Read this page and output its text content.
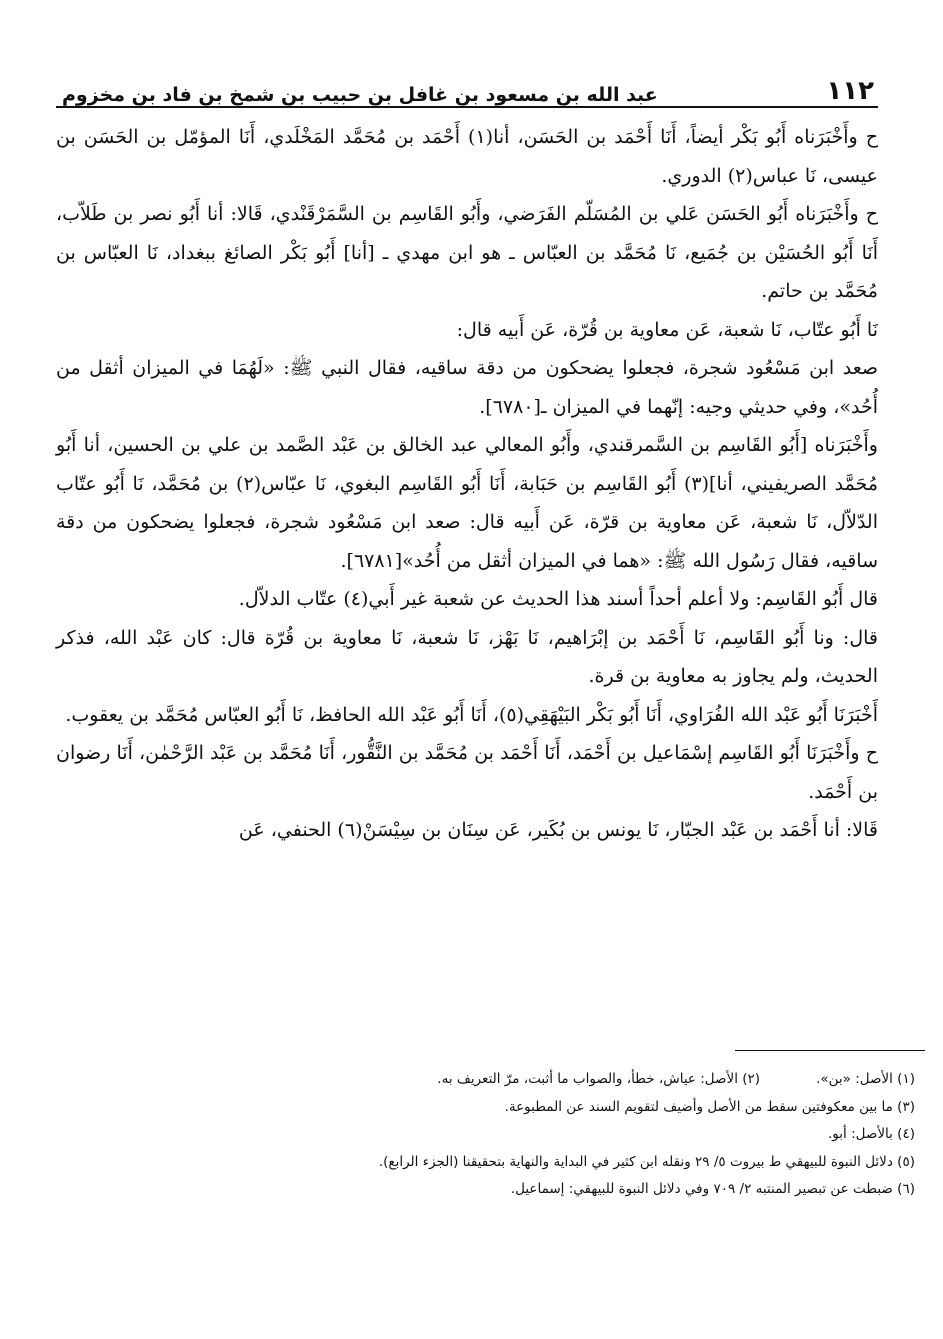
١١٢
عبد الله بن مسعود بن غافل بن حبيب بن شمخ بن فاد بن مخزوم

ح وأَخْبَرَناه أَبُو بَكْر أيضاً، أَنَا أَحْمَد بن الحَسَن، أنا(١) أَحْمَد بن مُحَمَّد المَخْلَدي، أَنَا المؤمّل بن الحَسَن بن عيسى، نَا عباس(٢) الدوري.

ح وأَخْبَرَناه أَبُو الحَسَن عَلي بن المُسَلّم الفَرَضي، وأَبُو القَاسِم بن السَّمَرْقَنْدي، قَالا: أنا أَبُو نصر بن طَلاّب، أَنَا أَبُو الحُسَيْن بن جُمَيع، نَا مُحَمَّد بن العبّاس ـ هو ابن مهدي ـ [أنا] أَبُو بَكْر الصائغ ببغداد، نَا العبّاس بن مُحَمَّد بن حاتم.

نَا أَبُو عتّاب، نَا شعبة، عَن معاوية بن قُرّة، عَن أَبيه قال:

صعد ابن مَسْعُود شجرة، فجعلوا يضحكون من دقة ساقيه، فقال النبي ﷺ: «لَهُمَا في الميزان أثقل من أُحُد»، وفي حديثي وجيه: إنّهما في الميزان ـ[٦٧٨٠].

وأَخْبَرَناه [أَبُو القَاسِم بن السَّمرقندي، وأَبُو المعالي عبد الخالق بن عَبْد الصَّمد بن علي بن الحسين، أنا أَبُو مُحَمَّد الصريفيني، أنا](٣) أَبُو القَاسِم بن حَبَابة، أَنَا أَبُو القَاسِم البغوي، نَا عبّاس(٢) بن مُحَمَّد، نَا أَبُو عتّاب الدّلاّل، نَا شعبة، عَن معاوية بن قرّة، عَن أَبيه قال: صعد ابن مَسْعُود شجرة، فجعلوا يضحكون من دقة ساقيه، فقال رَسُول الله ﷺ: «هما في الميزان أثقل من أُحُد»[٦٧٨١].

قال أَبُو القَاسِم: ولا أعلم أحداً أسند هذا الحديث عن شعبة غير أَبي(٤) عتّاب الدلاّل.

قال: ونا أَبُو القَاسِم، نَا أَحْمَد بن إبْرَاهيم، نَا بَهْز، نَا شعبة، نَا معاوية بن قُرّة قال: كان عَبْد الله، فذكر الحديث، ولم يجاوز به معاوية بن قرة.

أَخْبَرَنَا أَبُو عَبْد الله الفُرَاوي، أَنَا أَبُو بَكْر البَيْهَقِي(٥)، أَنَا أَبُو عَبْد الله الحافظ، نَا أَبُو العبّاس مُحَمَّد بن يعقوب.

ح وأَخْبَرَنَا أَبُو القَاسِم إسْمَاعيل بن أَحْمَد، أَنَا أَحْمَد بن مُحَمَّد بن النَّقُّور، أَنَا مُحَمَّد بن عَبْد الرَّحْمٰن، أَنَا رضوان بن أَحْمَد.

قَالا: أنا أَحْمَد بن عَبْد الجبّار، نَا يونس بن بُكَير، عَن سِنَان بن سِيْسَنْ(٦) الحنفي، عَن

(١) الأصل: «بن».
(٢) الأصل: عياش، خطأ، والصواب ما أثبت، مرّ التعريف به.
(٣) ما بين معكوفتين سقط من الأصل وأضيف لتقويم السند عن المطبوعة.
(٤) بالأصل: أبو.
(٥) دلائل النبوة للبيهقي ط بيروت ٥/ ٢٩ ونقله ابن كثير في البداية والنهاية بتحقيقنا (الجزء الرابع).
(٦) ضبطت عن تبصير المنتبه ٢/ ٧٠٩ وفي دلائل النبوة للبيهقي: إسماعيل.
